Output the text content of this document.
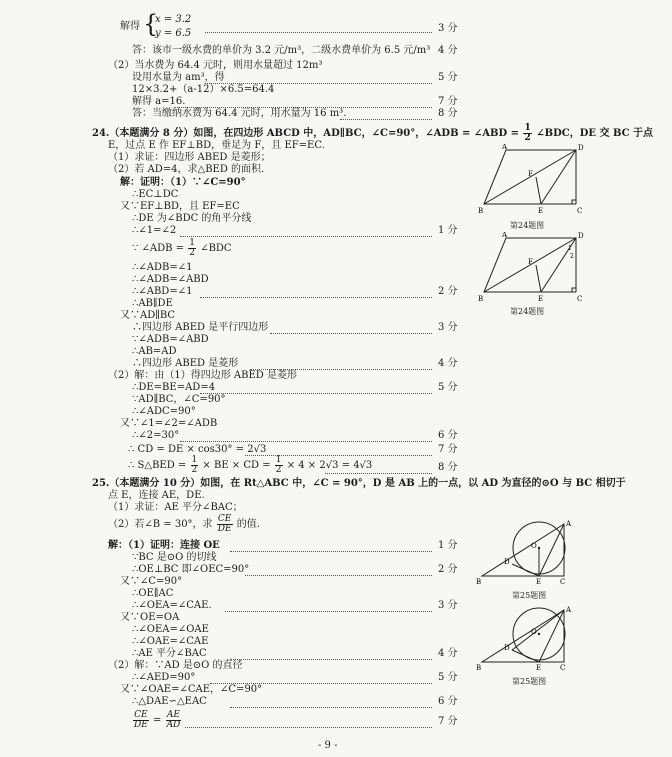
解得 {
x = 3.2
y = 6.5	3 分
答：该市一级水费的单价为 3.2 元/m³，二级水费单价为 6.5 元/m³ 4 分
（2）当水费为 64.4 元时，则用水量超过 12m³
设用水量为 am³，得	5 分
12×3.2+（a-12）×6.5=64.4
解得 a=16.	7 分
答：当缴纳水费为 64.4 元时，用水量为 16 m³.	8 分
24.（本题满分 8 分）如图，在四边形 ABCD 中，AD∥BC，∠C=90°，∠ADB = ∠ABD = $\frac{1}{2}$ ∠BDC，DE 交 BC 于点
E，过点 E 作 EF⊥BD，垂足为 F，且 EF=EC.
（1）求证：四边形 ABED 是菱形；
（2）若 AD=4，求△BED 的面积.
解：证明：（1）∵∠C=90°
∴EC⊥DC
又∵EF⊥BD，且 EF=EC
∴DE 为∠BDC 的角平分线
∴∠1=∠2	1 分
∵ ∠ADB = $\frac{1}{2}$ ∠BDC
∴∠ADB=∠1
∴∠ADB=∠ABD
∴∠ABD=∠1	2 分
∴AB∥DE
又∵AD∥BC
∴四边形 ABED 是平行四边形	3 分
∵∠ADB=∠ABD
∴AB=AD
∴四边形 ABED 是菱形	4 分
（2）解：由（1）得四边形 ABED 是菱形
∴DE=BE=AD=4	5 分
∵AD∥BC，∠C=90°
∴∠ADC=90°
又∵∠1=∠2=∠ADB
∴∠2=30°	6 分
∴ CD = DE × cos30° = 2√3	7 分
∴ S△BED = $\frac{1}{2}$ × BE × CD = $\frac{1}{2} \times 4 \times 2√3 = 4√3$	8 分
A	D
B	E	C
F
第24题图
A	D
1
2
B	E	C
F
第24题图
25.（本题满分 10 分）如图，在 Rt△ABC 中，∠C = 90°，D 是 AB 上的一点，以 AD 为直径的⊙O 与 BC 相切于
点 E，连接 AE，DE.
（1）求证：AE 平分∠BAC；
（2）若∠B = 30°，求 $\frac{CE}{DE}$ 的值.
解：（1）证明：连接 OE	1 分
∵BC 是⊙O 的切线
∴OE⊥BC 即∠OEC=90°	2 分
又∵∠C=90°
∴OE∥AC
∴∠OEA=∠CAE.	3 分
又∵OE=OA
∴∠OEA=∠OAE
∴∠OAE=∠CAE
∴AE 平分∠BAC	4 分
（2）解：∵AD 是⊙O 的直径
∴∠AED=90°	5 分
又∵∠OAE=∠CAE，∠C=90°
∴△DAE∽△EAC	6 分
$\frac{CE}{DE} = \frac{AE}{AD}$	7 分
A
B	C
D
E
O
第25题图
A
B	C
D
E
O
第25题图
- 9 -
